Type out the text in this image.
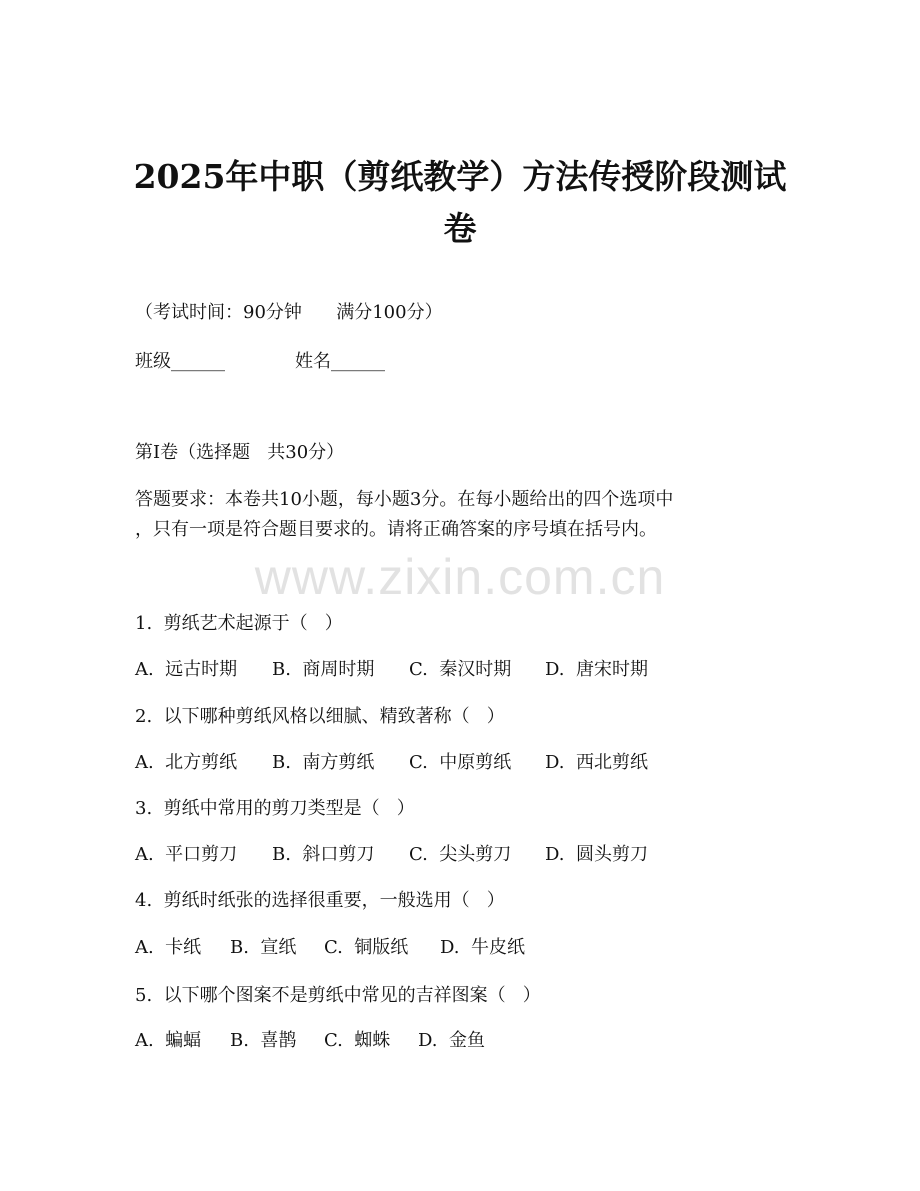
2025年中职（剪纸教学）方法传授阶段测试
卷
（考试时间：90分钟      满分100分）
班级______	姓名______
第Ⅰ卷（选择题   共30分）
答题要求：本卷共10小题，每小题3分。在每小题给出的四个选项中
，只有一项是符合题目要求的。请将正确答案的序号填在括号内。
www.zixin.com.cn
1.  剪纸艺术起源于（   ）
A.  远古时期 B.  商周时期 C.  秦汉时期 D.  唐宋时期
2.  以下哪种剪纸风格以细腻、精致著称（   ）
A.  北方剪纸 B.  南方剪纸 C.  中原剪纸 D.  西北剪纸
3.  剪纸中常用的剪刀类型是（   ）
A.  平口剪刀 B.  斜口剪刀 C.  尖头剪刀 D.  圆头剪刀
4.  剪纸时纸张的选择很重要，一般选用（   ）
A.  卡纸 B.  宣纸 C.  铜版纸 D.  牛皮纸
5.  以下哪个图案不是剪纸中常见的吉祥图案（   ）
A.  蝙蝠 B.  喜鹊 C.  蜘蛛 D.  金鱼
